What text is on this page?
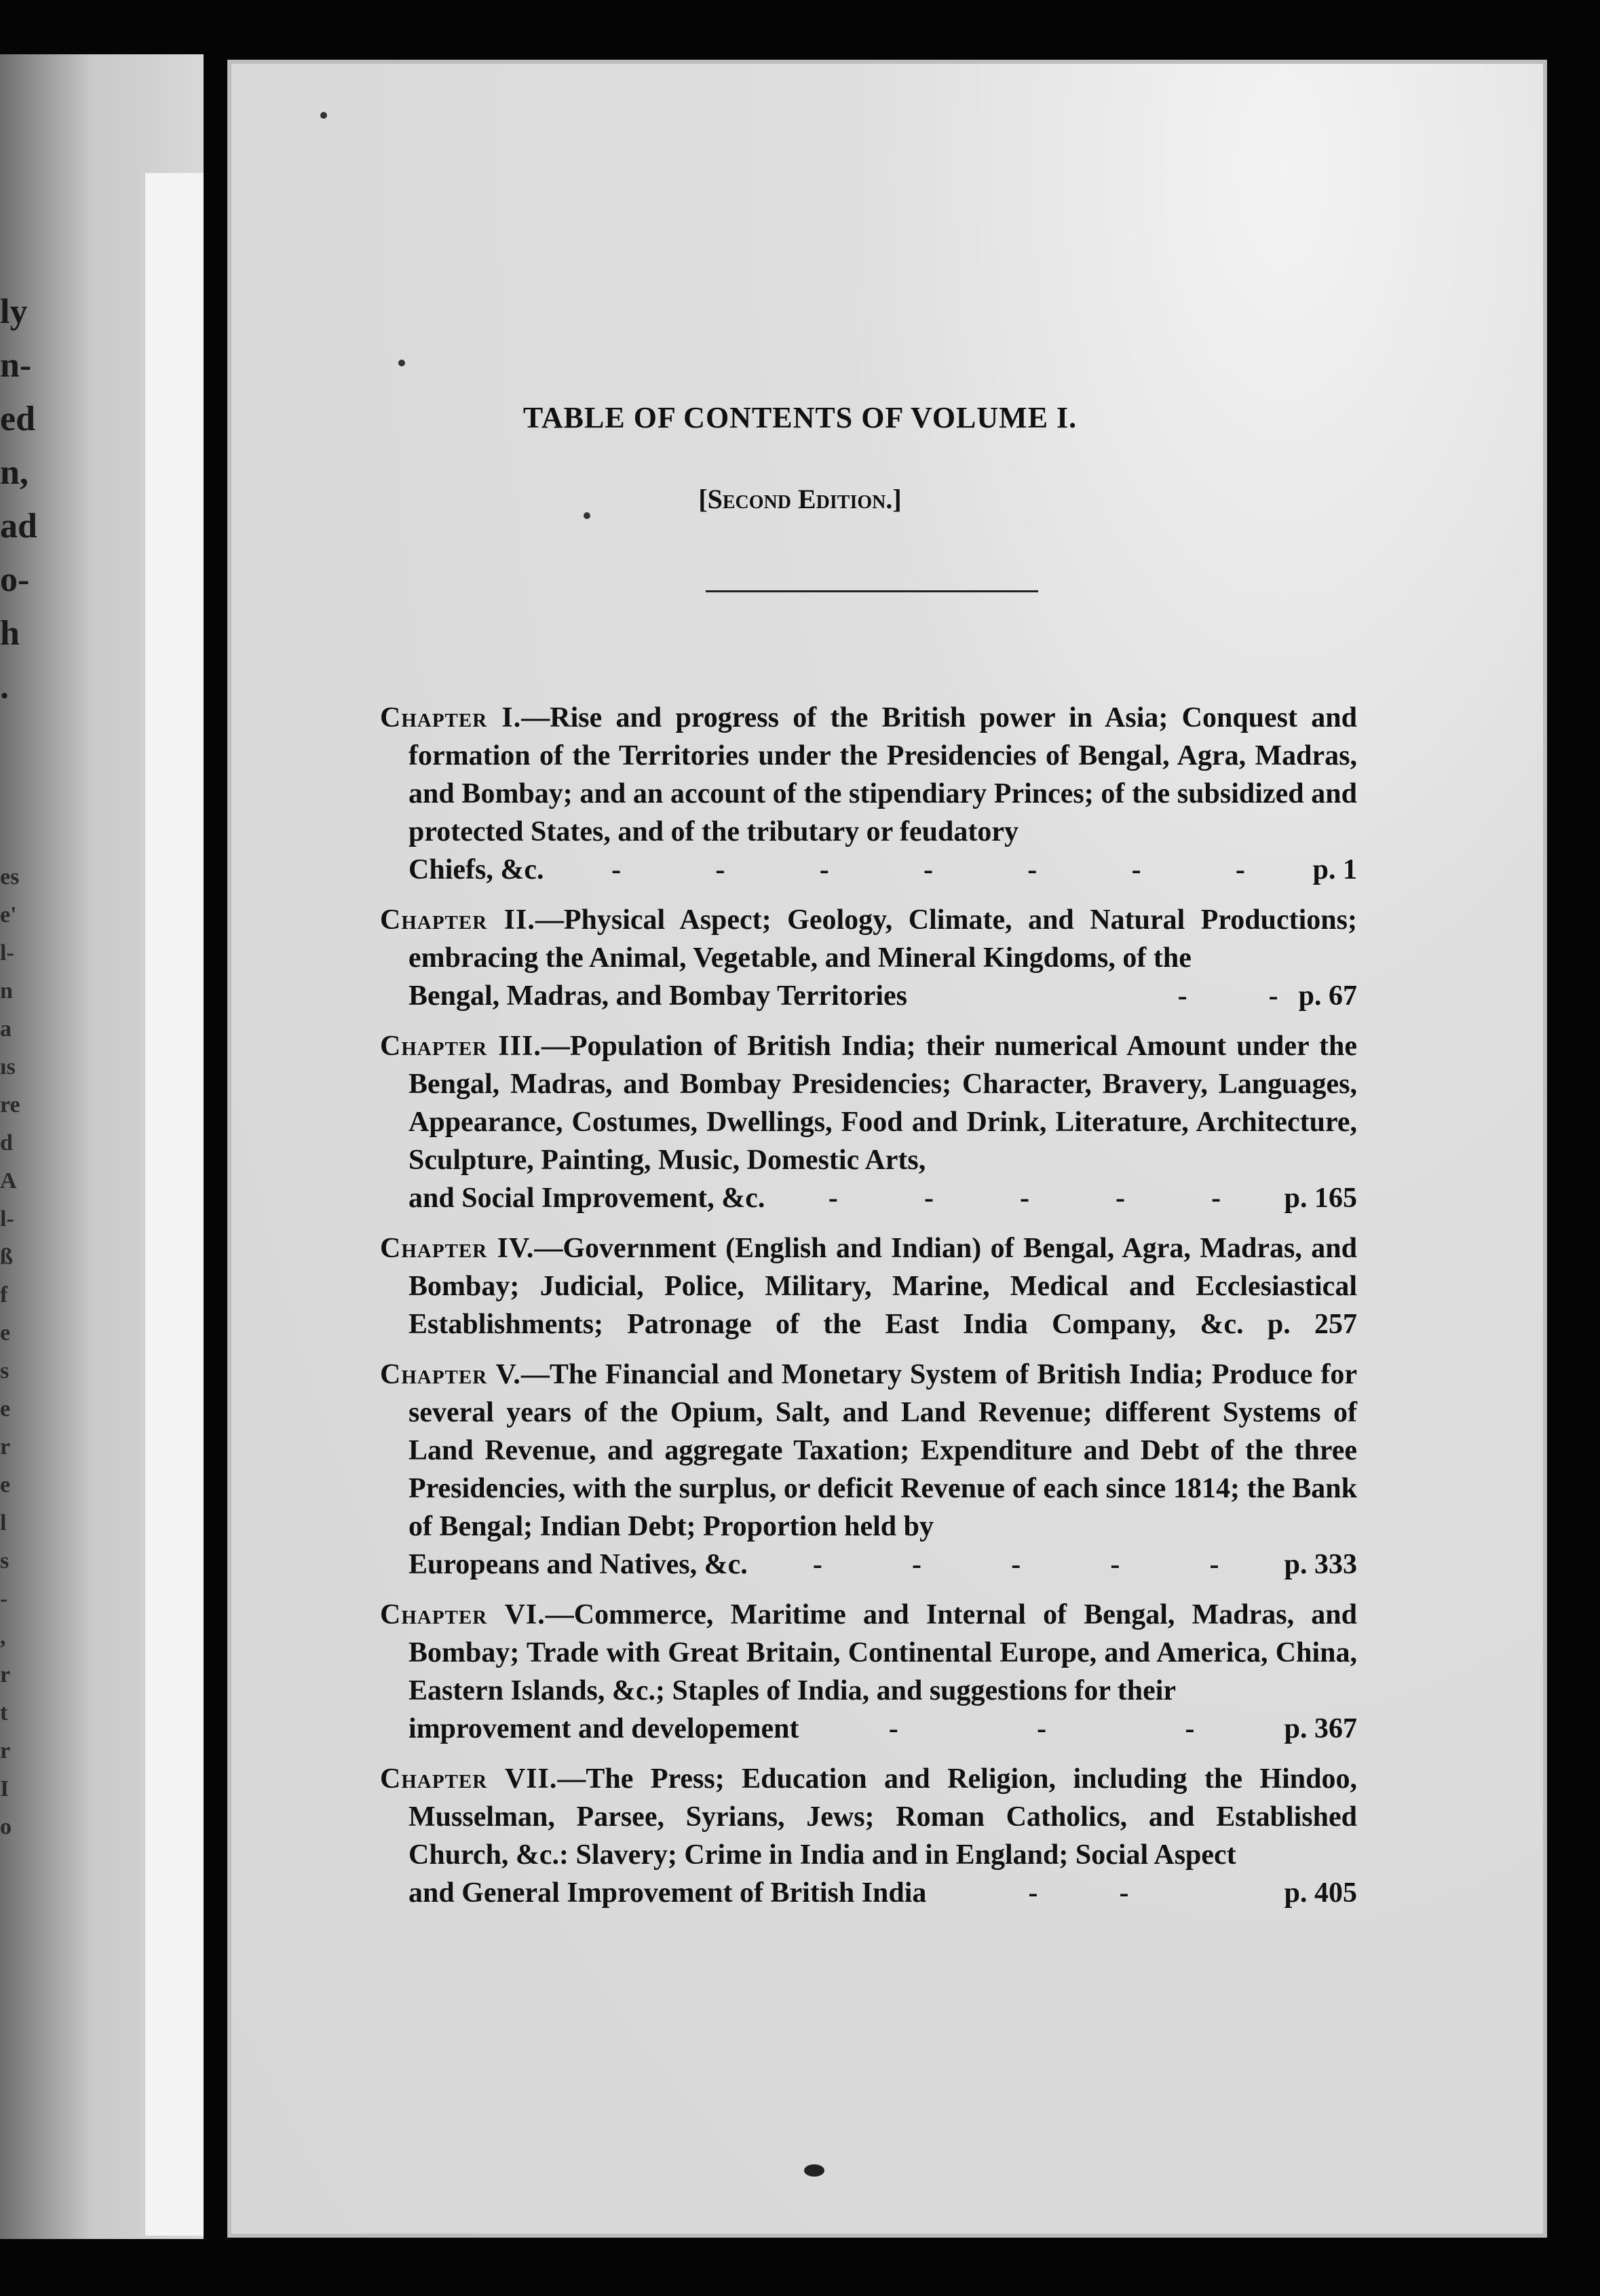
ly
n-
ed
n,
ad
o-
h
.
es
e'
l-
n
a
ıs
re
d
A
l-
ß
f
e
s
e
r
e
l
s
-
,
r
t
r
I
o
TABLE OF CONTENTS OF VOLUME I.
[Second Edition.]
Chapter I.—Rise and progress of the British power in Asia; Conquest and formation of the Territories under the Presidencies of Bengal, Agra, Madras, and Bombay; and an account of the stipendiary Princes; of the subsidized and protected States, and of the tributary or feudatory
Chiefs, &c. -	-	-	-	-	-	- p. 1
Chapter II.—Physical Aspect; Geology, Climate, and Natural Productions; embracing the Animal, Vegetable, and Mineral Kingdoms, of the
Bengal, Madras, and Bombay Territories	-	- p. 67
Chapter III.—Population of British India; their numerical Amount under the Bengal, Madras, and Bombay Presidencies; Character, Bravery, Languages, Appearance, Costumes, Dwellings, Food and Drink, Literature, Architecture, Sculpture, Painting, Music, Domestic Arts,
and Social Improvement, &c. -	-	-	-	- p. 165
Chapter IV.—Government (English and Indian) of Bengal, Agra, Madras, and Bombay; Judicial, Police, Military, Marine, Medical and Ecclesiastical Establishments; Patronage of the East India Company, &c. p. 257
Chapter V.—The Financial and Monetary System of British India; Produce for several years of the Opium, Salt, and Land Revenue; different Systems of Land Revenue, and aggregate Taxation; Expenditure and Debt of the three Presidencies, with the surplus, or deficit Revenue of each since 1814; the Bank of Bengal; Indian Debt; Proportion held by
Europeans and Natives, &c. -	-	-	-	- p. 333
Chapter VI.—Commerce, Maritime and Internal of Bengal, Madras, and Bombay; Trade with Great Britain, Continental Europe, and America, China, Eastern Islands, &c.; Staples of India, and suggestions for their
improvement and developement	-	-	-	p. 367
Chapter VII.—The Press; Education and Religion, including the Hindoo, Musselman, Parsee, Syrians, Jews; Roman Catholics, and Established Church, &c.: Slavery; Crime in India and in England; Social Aspect
and General Improvement of British India	-	-	p. 405
